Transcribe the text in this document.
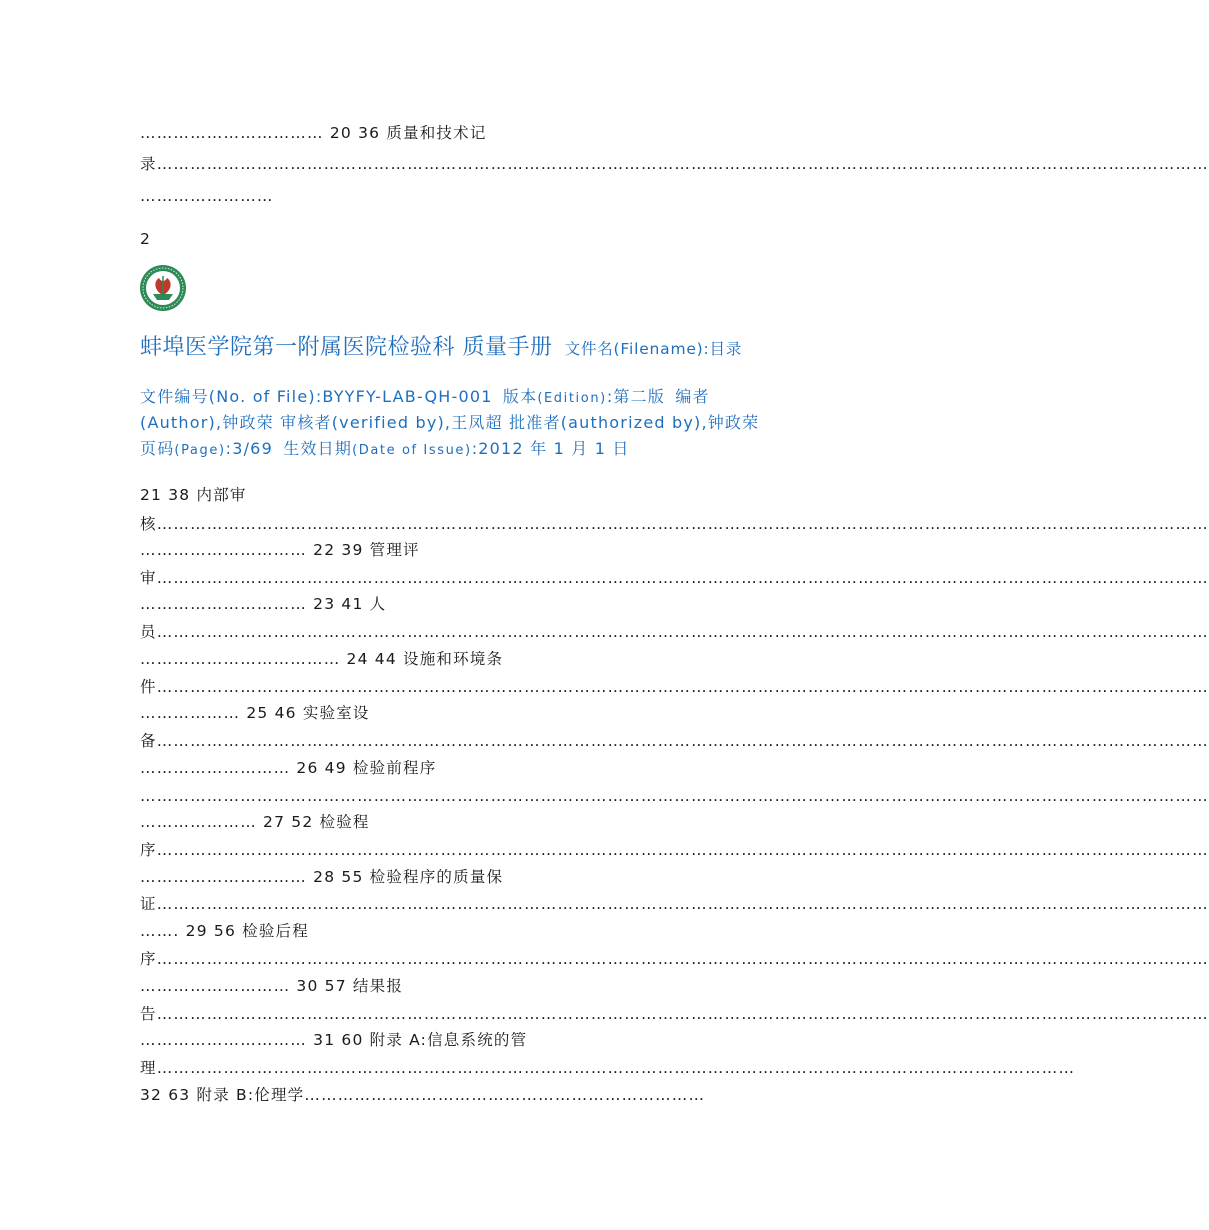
…………………………… 20 36 质量和技术记
录………………………………………………………………………………………………………………………………………………………………………
……………………
2
蚌埠医学院第一附属医院检验科 质量手册 文件名(Filename):目录
文件编号(No. of File):BYYFY-LAB-QH-001 版本(Edition):第二版 编者
(Author),钟政荣 审核者(verified by),王凤超 批准者(authorized by),钟政荣
页码(Page):3/69 生效日期(Date of Issue):2012 年 1 月 1 日
21 38 内部审
核………………………………………………………………………………………………………………………………………………………………………
………………………… 22 39 管理评
审………………………………………………………………………………………………………………………………………………………………………
………………………… 23 41 人
员………………………………………………………………………………………………………………………………………………………………………
……………………………… 24 44 设施和环境条
件………………………………………………………………………………………………………………………………………………………………………
……………… 25 46 实验室设
备………………………………………………………………………………………………………………………………………………………………………
……………………… 26 49 检验前程序
…………………………………………………………………………………………………………………………………………………………………………
………………… 27 52 检验程
序………………………………………………………………………………………………………………………………………………………………………
………………………… 28 55 检验程序的质量保
证………………………………………………………………………………………………………………………………………………………………………
……. 29 56 检验后程
序………………………………………………………………………………………………………………………………………………………………………
……………………… 30 57 结果报
告………………………………………………………………………………………………………………………………………………………………………
………………………… 31 60 附录 A:信息系统的管
理…………………………………………………………………………………………………………………………………………………
32 63 附录 B:伦理学………………………………………………………………
